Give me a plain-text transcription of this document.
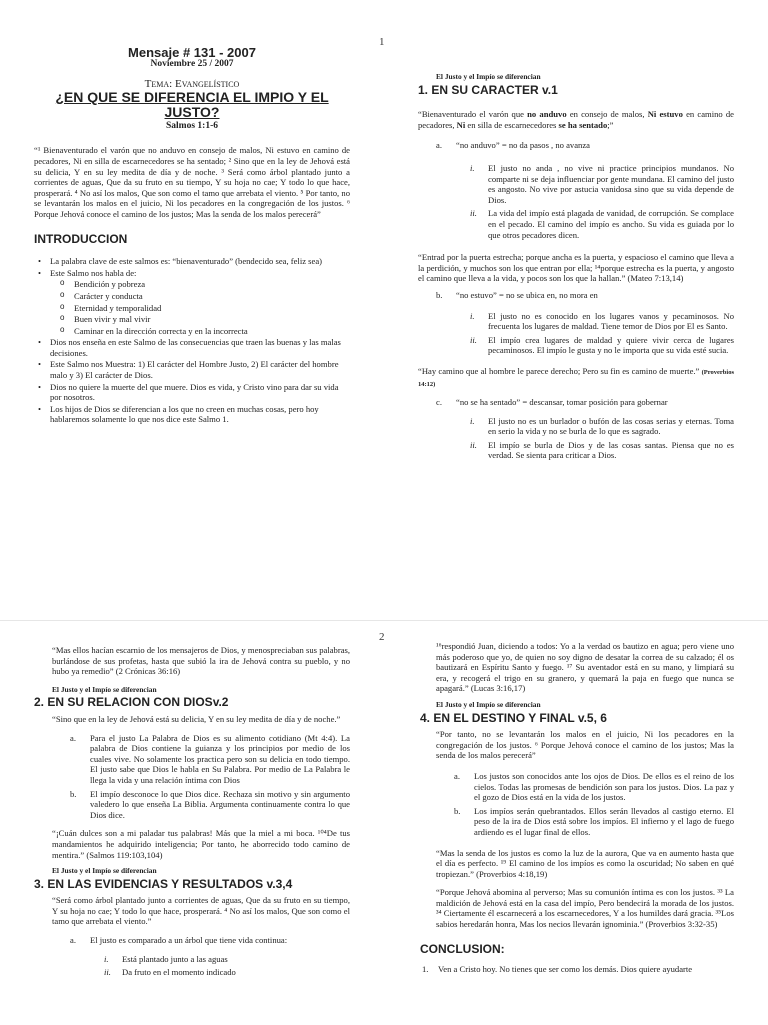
1
Mensaje # 131 - 2007
Noviembre 25 / 2007
Tema: Evangelístico
¿EN QUE SE DIFERENCIA EL IMPIO Y EL JUSTO?
Salmos 1:1-6

“¹ Bienaventurado el varón que no anduvo en consejo de malos, Ni estuvo en camino de pecadores, Ni en silla de escarnecedores se ha sentado; ² Sino que en la ley de Jehová está su delicia, Y en su ley medita de día y de noche. ³ Será como árbol plantado junto a corrientes de aguas, Que da su fruto en su tiempo, Y su hoja no cae; Y todo lo que hace, prosperará. ⁴ No así los malos, Que son como el tamo que arrebata el viento. ⁵ Por tanto, no se levantarán los malos en el juicio, Ni los pecadores en la congregación de los justos. ⁶ Porque Jehová conoce el camino de los justos; Mas la senda de los malos perecerá”

INTRODUCCION
• La palabra clave de este salmos es: “bienaventurado” (bendecido sea, feliz sea)
• Este Salmo nos habla de:
o Bendición y pobreza
o Carácter y conducta
o Eternidad y temporalidad
o Buen vivir y mal vivir
o Caminar en la dirección correcta y en la incorrecta
• Dios nos enseña en este Salmo de las consecuencias que traen las buenas y las malas decisiones.
• Este Salmo nos Muestra: 1) El carácter del Hombre Justo, 2) El carácter del hombre malo y 3) El carácter de Dios.
• Dios no quiere la muerte del que muere. Dios es vida, y Cristo vino para dar su vida por nosotros.
• Los hijos de Dios se diferencian a los que no creen en muchas cosas, pero hoy hablaremos solamente lo que nos dice este Salmo 1.
El Justo y el Impío se diferencian
1. EN SU CARACTER v.1

“Bienaventurado el varón que no anduvo en consejo de malos, Ni estuvo en camino de pecadores, Ni en silla de escarnecedores se ha sentado;”

a. “no anduvo” = no da pasos , no avanza
i. El justo no anda , no vive ni practice principios mundanos. No comparte ni se deja influenciar por gente mundana. El camino del justo es angosto. No vive por astucia vanidosa sino que su vida depende de Dios.
ii. La vida del impío está plagada de vanidad, de corrupción. Se complace en el pecado. El camino del impío es ancho. Su vida es guiada por lo que otros pecadores dicen.

“Entrad por la puerta estrecha; porque ancha es la puerta, y espacioso el camino que lleva a la perdición, y muchos son los que entran por ella; ¹⁴porque estrecha es la puerta, y angosto el camino que lleva a la vida, y pocos son los que la hallan.” (Mateo 7:13,14)

b. “no estuvo” = no se ubica en, no mora en
i. El justo no es conocido en los lugares vanos y pecaminosos. No frecuenta los lugares de maldad. Tiene temor de Dios por El es Santo.
ii. El impío crea lugares de maldad y quiere vivir cerca de lugares pecaminosos. El impío le gusta y no le importa que su vida esté sucia.

“Hay camino que al hombre le parece derecho; Pero su fin es camino de muerte.” (Proverbios 14:12)

c. “no se ha sentado” = descansar, tomar posición para gobernar
i. El justo no es un burlador o bufón de las cosas serias y eternas. Toma en serio la vida y no se burla de lo que es sagrado.
ii. El impío se burla de Dios y de las cosas santas. Piensa que no es verdad. Se sienta para criticar a Dios.
2

“Mas ellos hacían escarnio de los mensajeros de Dios, y menospreciaban sus palabras, burlándose de sus profetas, hasta que subió la ira de Jehová contra su pueblo, y no hubo ya remedio” (2 Crónicas 36:16)

El Justo y el Impío se diferencian
2. EN SU RELACION CON DIOSv.2

“Sino que en la ley de Jehová está su delicia, Y en su ley medita de día y de noche.”

a. Para el justo La Palabra de Dios es su alimento cotidiano (Mt 4:4). La palabra de Dios contiene la guianza y los principios por medio de los cuales vive. No solamente los practica pero son su delicia en todo tiempo. El justo sabe que Dios le habla en Su Palabra. Por medio de La Palabra le llega la vida y una relación íntima con Dios
b. El impío desconoce lo que Dios dice. Rechaza sin motivo y sin argumento valedero lo que enseña La Biblia. Argumenta continuamente contra lo que Dios dice.

“¡Cuán dulces son a mi paladar tus palabras! Más que la miel a mi boca. ¹⁰⁴De tus mandamientos he adquirido inteligencia; Por tanto, he aborrecido todo camino de mentira.” (Salmos 119:103,104)

El Justo y el Impío se diferencian
3. EN LAS EVIDENCIAS Y RESULTADOS v.3,4

“Será como árbol plantado junto a corrientes de aguas, Que da su fruto en su tiempo, Y su hoja no cae; Y todo lo que hace, prosperará. ⁴ No así los malos, Que son como el tamo que arrebata el viento.”

a. El justo es comparado a un árbol que tiene vida continua:
i. Está plantado junto a las aguas
ii. Da fruto en el momento indicado

¹⁶respondió Juan, diciendo a todos: Yo a la verdad os bautizo en agua; pero viene uno más poderoso que yo, de quien no soy digno de desatar la correa de su calzado; él os bautizará en Espíritu Santo y fuego. ¹⁷ Su aventador está en su mano, y limpiará su era, y recogerá el trigo en su granero, y quemará la paja en fuego que nunca se apagará.” (Lucas 3:16,17)

El Justo y el Impío se diferencian
4. EN EL DESTINO Y FINAL v.5, 6

“Por tanto, no se levantarán los malos en el juicio, Ni los pecadores en la congregación de los justos. ⁶ Porque Jehová conoce el camino de los justos; Mas la senda de los malos perecerá”

a. Los justos son conocidos ante los ojos de Dios. De ellos es el reino de los cielos. Todas las promesas de bendición son para los justos. Dios. La paz y el gozo de Dios está en la vida de los justos.
b. Los impíos serán quebrantados. Ellos serán llevados al castigo eterno. El peso de la ira de Dios está sobre los impíos. El infierno y el lago de fuego ardiendo es el lugar final de ellos.

“Mas la senda de los justos es como la luz de la aurora, Que va en aumento hasta que el día es perfecto. ¹⁹ El camino de los impíos es como la oscuridad; No saben en qué tropiezan.” (Proverbios 4:18,19)

“Porque Jehová abomina al perverso; Mas su comunión íntima es con los justos. ³³ La maldición de Jehová está en la casa del impío, Pero bendecirá la morada de los justos. ³⁴ Ciertamente él escarnecerá a los escarnecedores, Y a los humildes dará gracia. ³⁵Los sabios heredarán honra, Mas los necios llevarán ignominia.” (Proverbios 3:32-35)

CONCLUSION:
1. Ven a Cristo hoy. No tienes que ser como los demás. Dios quiere ayudarte
